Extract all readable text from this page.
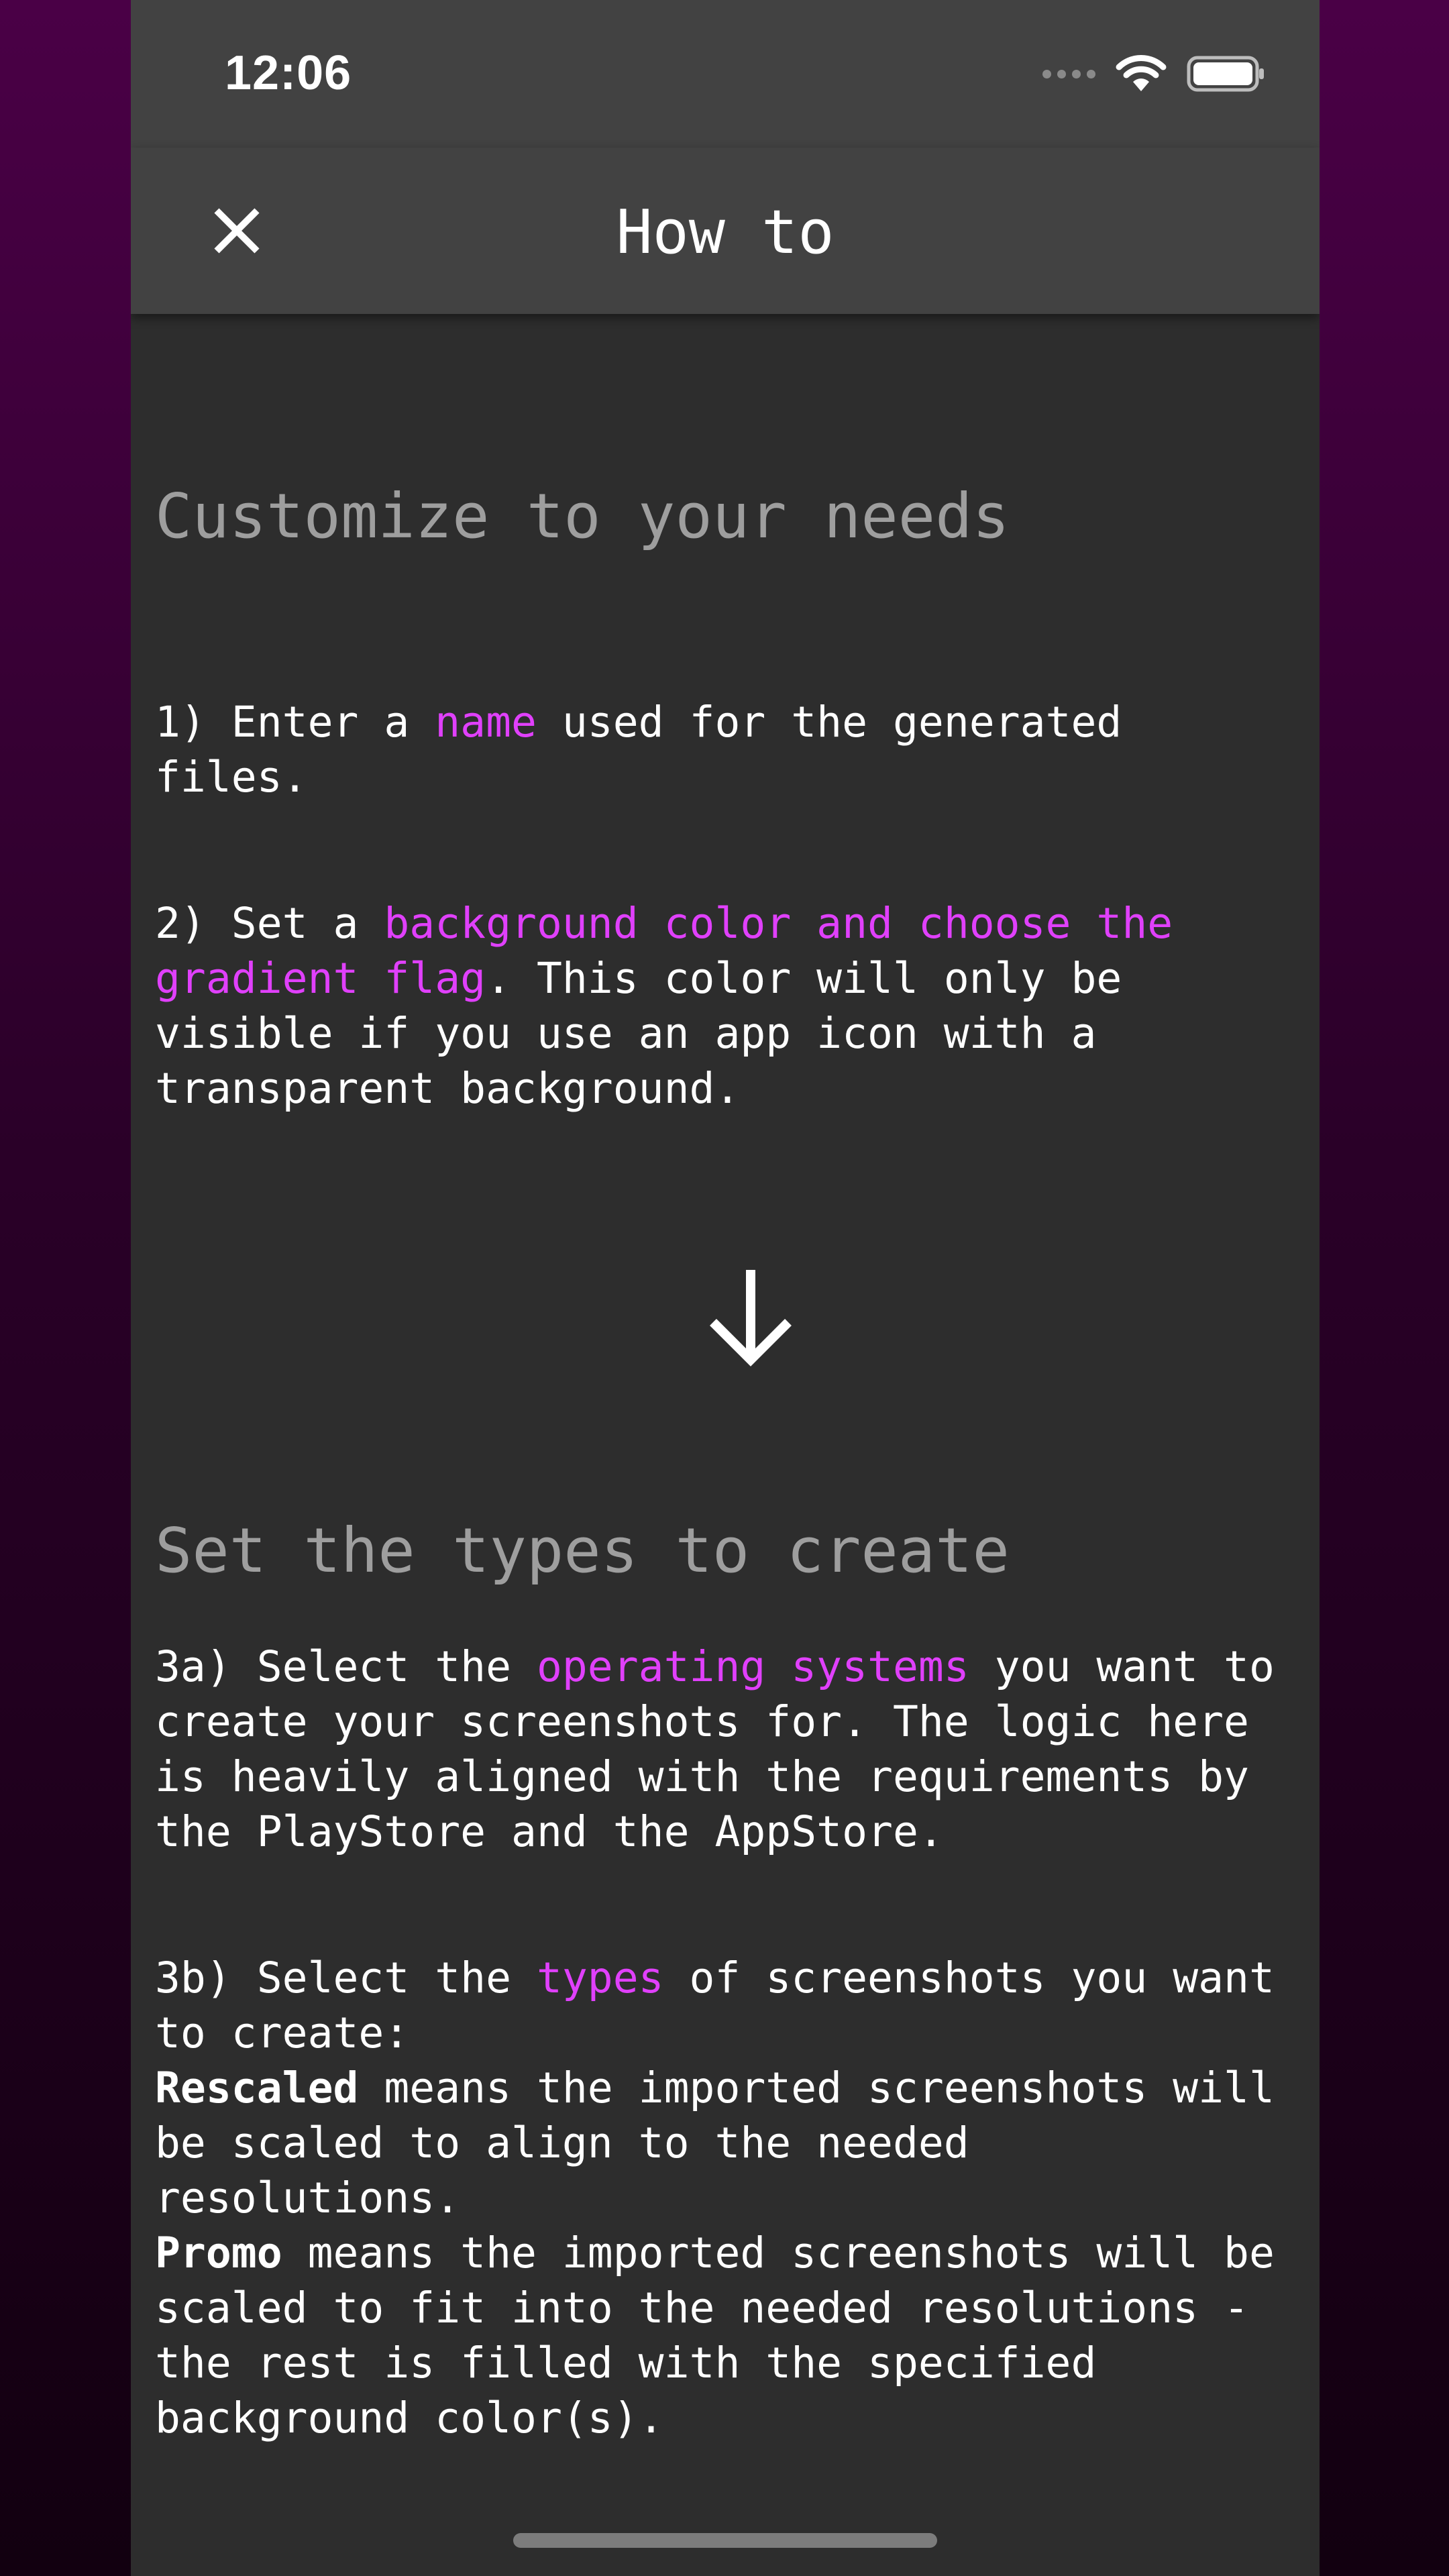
12:06
How to
Customize to your needs
1) Enter a name used for the generated files.
2) Set a background color and choose the gradient flag. This color will only be visible if you use an app icon with a transparent background.
Set the types to create
3a) Select the operating systems you want to create your screenshots for. The logic here is heavily aligned with the requirements by the PlayStore and the AppStore.
3b) Select the types of screenshots you want to create:
Rescaled means the imported screenshots will be scaled to align to the needed resolutions.
Promo means the imported screenshots will be scaled to fit into the needed resolutions - the rest is filled with the specified background color(s).
